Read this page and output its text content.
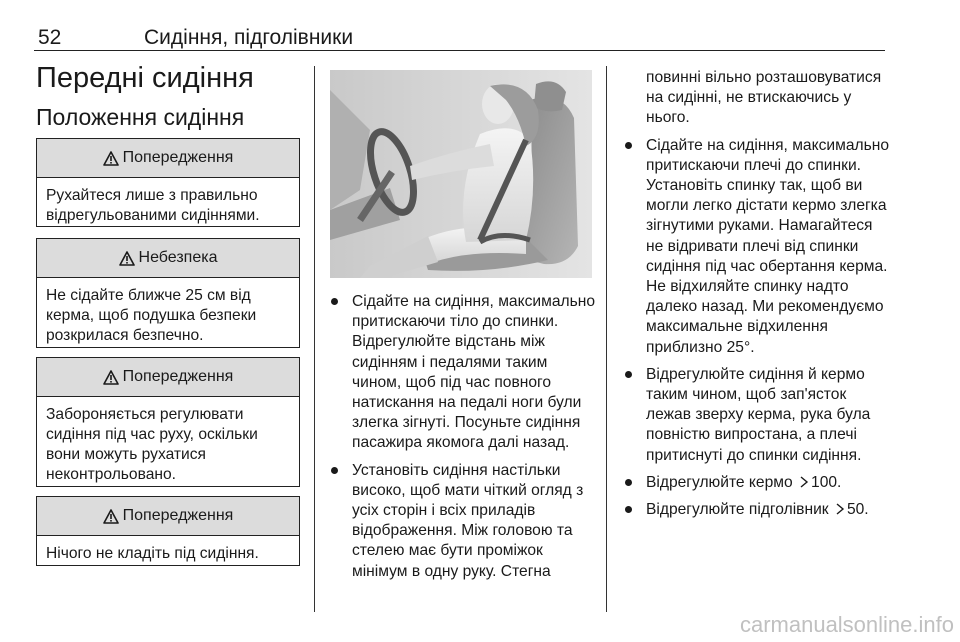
52	Сидіння, підголівники
Передні сидіння
Положення сидіння
Попередження
Рухайтеся лише з правильно відрегульованими сидіннями.
Небезпека
Не сідайте ближче 25 см від керма, щоб подушка безпеки розкрилася безпечно.
Попередження
Забороняється регулювати сидіння під час руху, оскільки вони можуть рухатися неконтрольовано.
Попередження
Нічого не кладіть під сидіння.
Сідайте на сидіння, максимально притискаючи тіло до спинки. Відрегулюйте відстань між сидінням і педалями таким чином, щоб під час повного натискання на педалі ноги були злегка зігнуті. Посуньте сидіння пасажира якомога далі назад.
Установіть сидіння настільки високо, щоб мати чіткий огляд з усіх сторін і всіх приладів відображення. Між головою та стелею має бути проміжок мінімум в одну руку. Стегна

повинні вільно розташовуватися на сидінні, не втискаючись у нього.

Сідайте на сидіння, максимально притискаючи плечі до спинки. Установіть спинку так, щоб ви могли легко дістати кермо злегка зігнутими руками. Намагайтеся не відривати плечі від спинки сидіння під час обертання керма. Не відхиляйте спинку надто далеко назад. Ми рекомендуємо максимальне відхилення приблизно 25°.
Відрегулюйте сидіння й кермо таким чином, щоб зап'ясток лежав зверху керма, рука була повністю випростана, а плечі притиснуті до спинки сидіння.
Відрегулюйте кермо 100.
Відрегулюйте підголівник 50.
carmanualsonline.info
